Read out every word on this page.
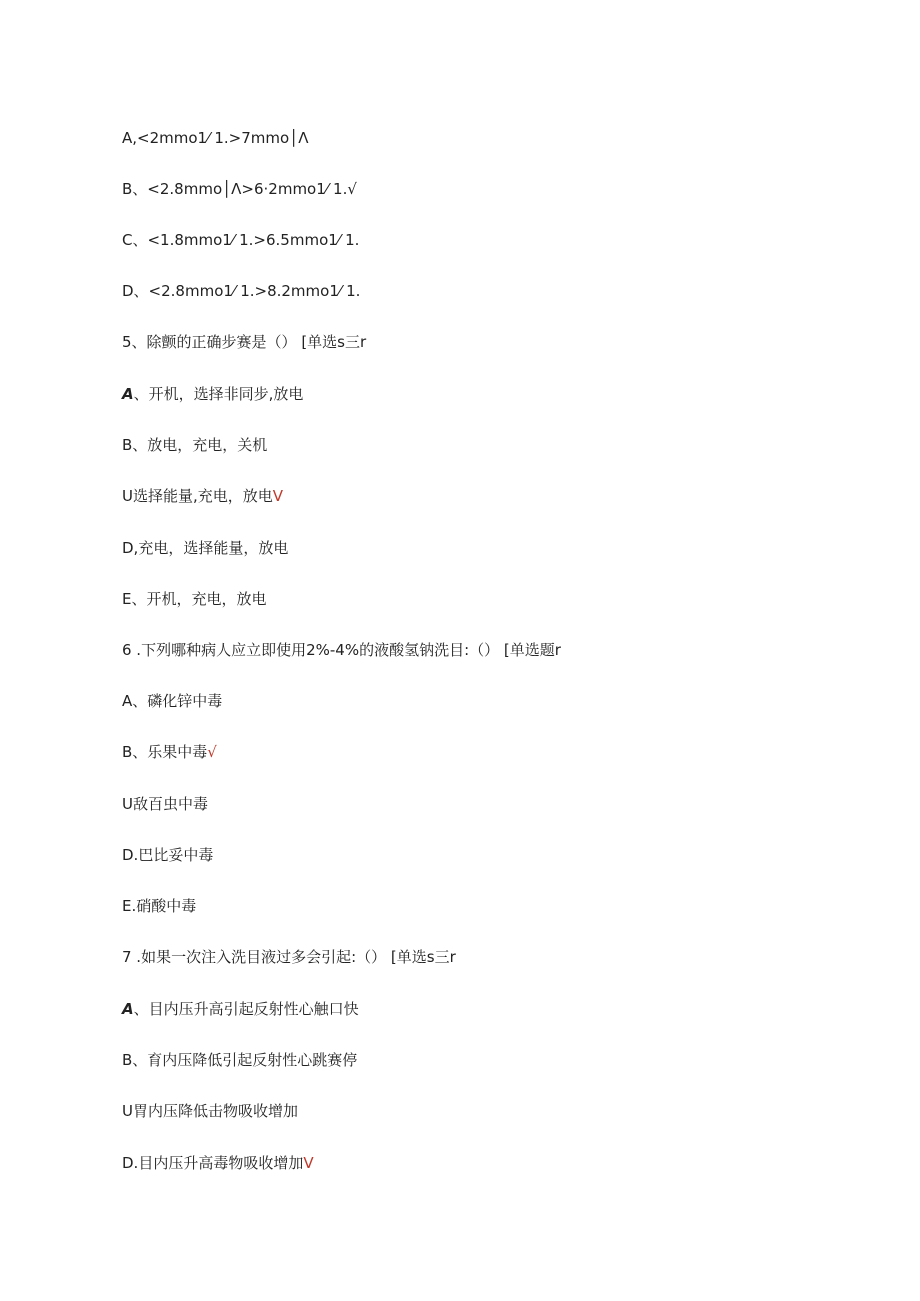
A,<2mmo1⁄ 1.>7mmo│Λ
B、<2.8mmo│Λ>6·2mmo1⁄ 1.√
C、<1.8mmo1⁄ 1.>6.5mmo1⁄ 1.
D、<2.8mmo1⁄ 1.>8.2mmo1⁄ 1.
5、除颤的正确步赛是（） [单选s三r
A、开机，选择非同步,放电
B、放电，充电，关机
U选择能量,充电，放电V
D,充电，选择能量，放电
E、开机，充电，放电
6 .下列哪种病人应立即使用2%-4%的液酸氢钠洗目:（） [单选题r
A、磷化锌中毒
B、乐果中毒√
U敌百虫中毒
D.巴比妥中毒
E.硝酸中毒
7 .如果一次注入洗目液过多会引起:（） [单选s三r
A、目内压升高引起反射性心触口快
B、育内压降低引起反射性心跳赛停
U胃内压降低击物吸收增加
D.目内压升高毒物吸收增加V
